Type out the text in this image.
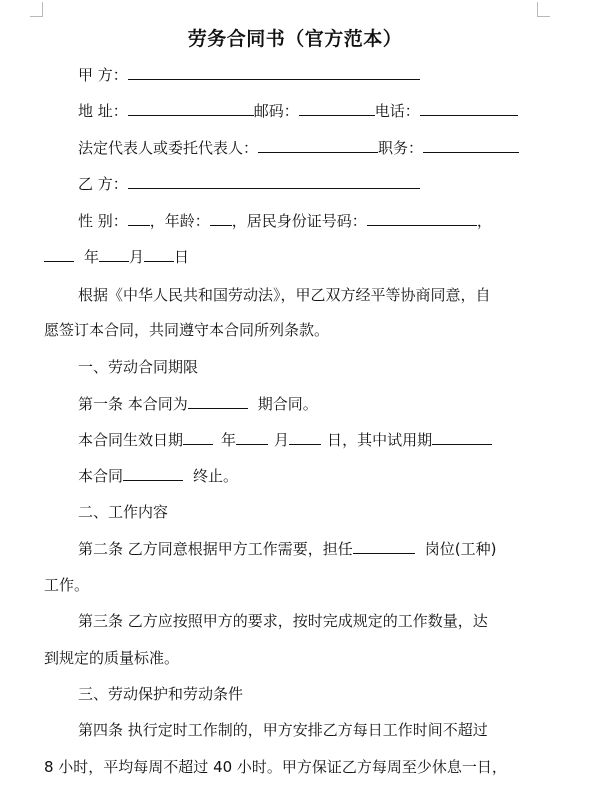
劳务合同书（官方范本）
甲 方：
地 址：	邮码：	电话：
法定代表人或委托代表人：	职务：
乙 方：
性 别： ，年龄： ，居民身份证号码：	，
年 月 日
根据《中华人民共和国劳动法》，甲乙双方经平等协商同意，自
愿签订本合同，共同遵守本合同所列条款。
一、劳动合同期限
第一条 本合同为	期合同。
本合同生效日期	年	月	日，其中试用期
本合同	终止。
二、工作内容
第二条 乙方同意根据甲方工作需要，担任	岗位(工种)
工作。
第三条 乙方应按照甲方的要求，按时完成规定的工作数量，达
到规定的质量标准。
三、劳动保护和劳动条件
第四条 执行定时工作制的，甲方安排乙方每日工作时间不超过
8 小时，平均每周不超过 40 小时。甲方保证乙方每周至少休息一日，
